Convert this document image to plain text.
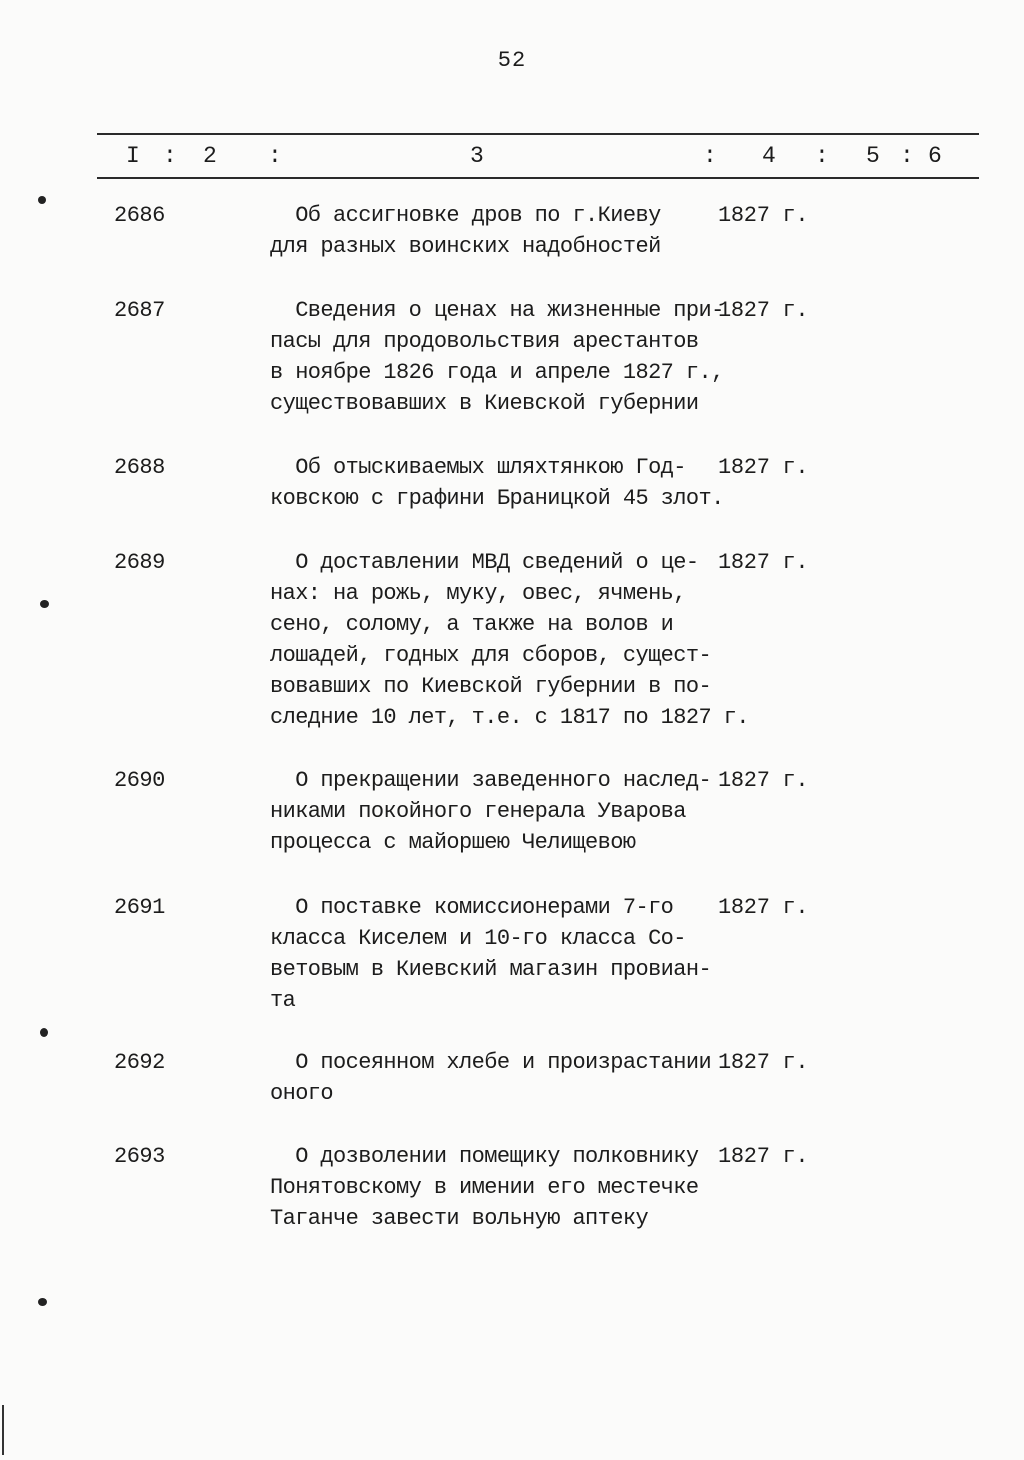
52
I : 2 :	3	: 4 : 5 : 6
2686	Об ассигновке дров по г.Киеву
для разных воинских надобностей
1827 г.
2687	Сведения о ценах на жизненные при-
пасы для продовольствия арестантов
в ноябре 1826 года и апреле 1827 г.,
существовавших в Киевской губернии
1827 г.
2688	Об отыскиваемых шляхтянкою Год-
ковскою с графини Браницкой 45 злот.
1827 г.
2689	О доставлении МВД сведений о це-
нах: на рожь, муку, овес, ячмень,
сено, солому, а также на волов и
лошадей, годных для сборов, сущест-
вовавших по Киевской губернии в по-
следние 10 лет, т.е. с 1817 по 1827 г.
1827 г.
2690	О прекращении заведенного наслед-
никами покойного генерала Уварова
процесса с майоршею Челищевою
1827 г.
2691	О поставке комиссионерами 7-го
класса Киселем и 10-го класса Со-
ветовым в Киевский магазин провиан-
та
1827 г.
2692	О посеянном хлебе и произрастании
оного
1827 г.
2693	О дозволении помещику полковнику
Понятовскому в имении его местечке
Таганче завести вольную аптеку
1827 г.
